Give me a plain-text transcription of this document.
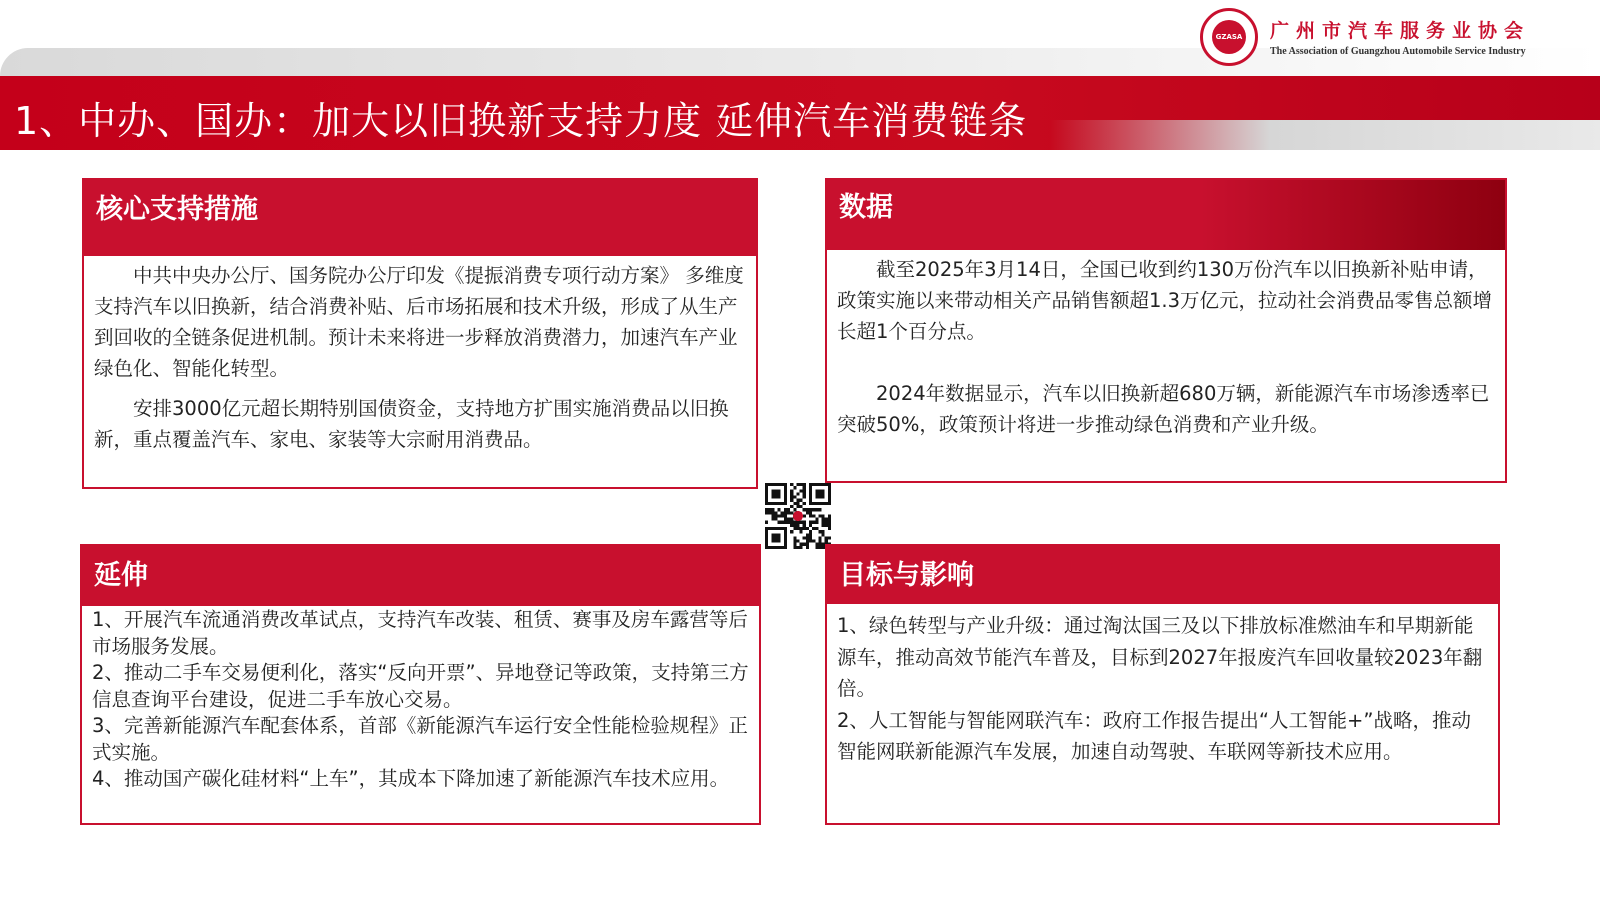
GZASA 广州市汽车服务业协会
The Association of Guangzhou Automobile Service Industry
1、中办、国办：加大以旧换新支持力度 延伸汽车消费链条
核心支持措施

中共中央办公厅、国务院办公厅印发《提振消费专项行动方案》 多维度支持汽车以旧换新，结合消费补贴、后市场拓展和技术升级，形成了从生产到回收的全链条促进机制。预计未来将进一步释放消费潜力，加速汽车产业绿色化、智能化转型。

安排3000亿元超长期特别国债资金，支持地方扩围实施消费品以旧换新，重点覆盖汽车、家电、家装等大宗耐用消费品。

数据

截至2025年3月14日，全国已收到约130万份汽车以旧换新补贴申请，政策实施以来带动相关产品销售额超1.3万亿元，拉动社会消费品零售总额增长超1个百分点。

2024年数据显示，汽车以旧换新超680万辆，新能源汽车市场渗透率已突破50%，政策预计将进一步推动绿色消费和产业升级。

延伸

1、开展汽车流通消费改革试点，支持汽车改装、租赁、赛事及房车露营等后市场服务发展。

2、推动二手车交易便利化，落实“反向开票”、异地登记等政策，支持第三方信息查询平台建设，促进二手车放心交易。

3、完善新能源汽车配套体系，首部《新能源汽车运行安全性能检验规程》正式实施。

4、推动国产碳化硅材料“上车”，其成本下降加速了新能源汽车技术应用。

目标与影响

1、绿色转型与产业升级：通过淘汰国三及以下排放标准燃油车和早期新能源车，推动高效节能汽车普及，目标到2027年报废汽车回收量较2023年翻倍。

2、人工智能与智能网联汽车：政府工作报告提出“人工智能+”战略，推动智能网联新能源汽车发展，加速自动驾驶、车联网等新技术应用。
